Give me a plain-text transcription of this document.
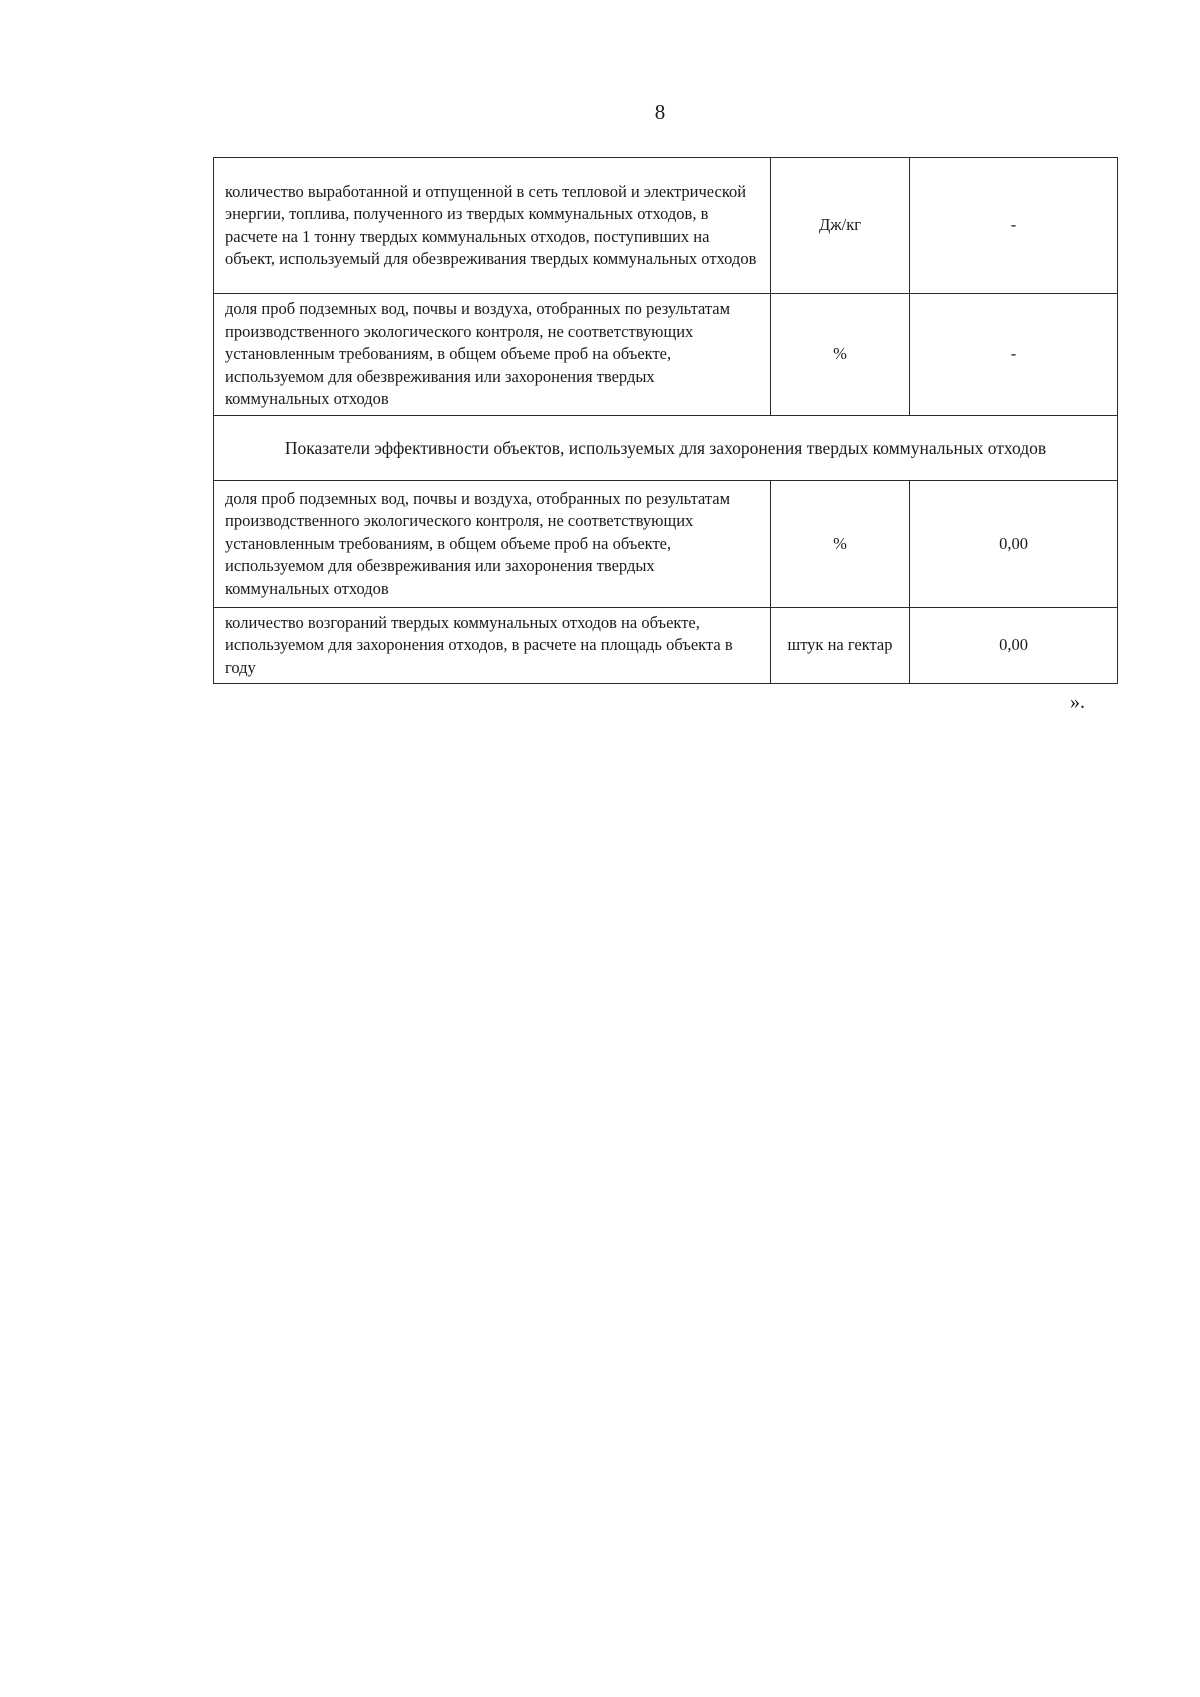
8
количество выработанной и отпущенной в сеть тепловой и электрической энергии, топлива, полученного из твердых коммунальных отходов, в расчете на 1 тонну твердых коммунальных отходов, поступивших на объект, используемый для обезвреживания твердых коммунальных отходов	Дж/кг	-
доля проб подземных вод, почвы и воздуха, отобранных по результатам производственного экологического контроля, не соответствующих установленным требованиям, в общем объеме проб на объекте, используемом для обезвреживания или захоронения твердых коммунальных отходов	%	-
Показатели эффективности объектов, используемых для захоронения твердых коммунальных отходов		
доля проб подземных вод, почвы и воздуха, отобранных по результатам производственного экологического контроля, не соответствующих установленным требованиям, в общем объеме проб на объекте, используемом для обезвреживания или захоронения твердых коммунальных отходов	%	0,00
количество возгораний твердых коммунальных отходов на объекте, используемом для захоронения отходов, в расчете на площадь объекта в году	штук на гектар	0,00
».
